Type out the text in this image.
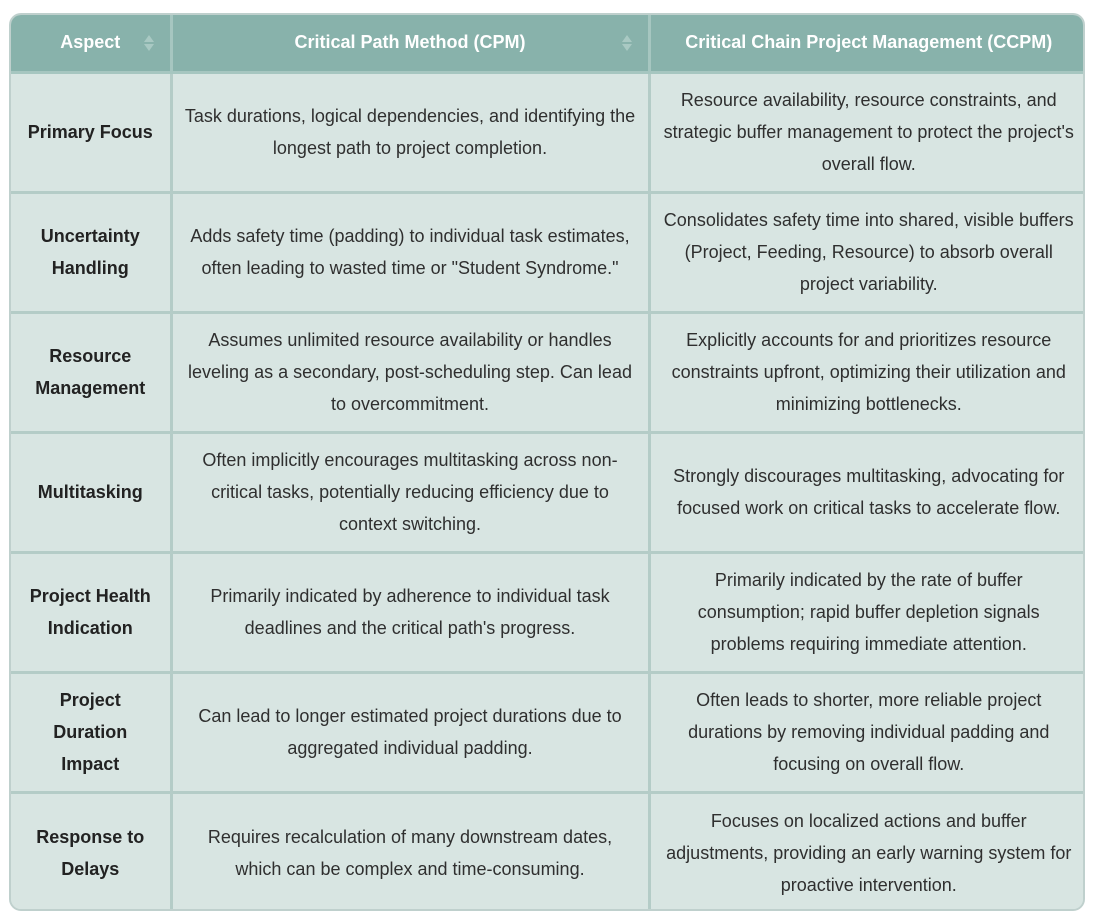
Aspect	Critical Path Method (CPM)	Critical Chain Project Management (CCPM)
Primary Focus	Task durations, logical dependencies, and identifying the longest path to project completion.	Resource availability, resource constraints, and strategic buffer management to protect the project's overall flow.
Uncertainty Handling	Adds safety time (padding) to individual task estimates, often leading to wasted time or "Student Syndrome."	Consolidates safety time into shared, visible buffers (Project, Feeding, Resource) to absorb overall project variability.
Resource Management	Assumes unlimited resource availability or handles leveling as a secondary, post-scheduling step. Can lead to overcommitment.	Explicitly accounts for and prioritizes resource constraints upfront, optimizing their utilization and minimizing bottlenecks.
Multitasking	Often implicitly encourages multitasking across non-critical tasks, potentially reducing efficiency due to context switching.	Strongly discourages multitasking, advocating for focused work on critical tasks to accelerate flow.
Project Health Indication	Primarily indicated by adherence to individual task deadlines and the critical path's progress.	Primarily indicated by the rate of buffer consumption; rapid buffer depletion signals problems requiring immediate attention.
Project Duration Impact	Can lead to longer estimated project durations due to aggregated individual padding.	Often leads to shorter, more reliable project durations by removing individual padding and focusing on overall flow.
Response to Delays	Requires recalculation of many downstream dates, which can be complex and time-consuming.	Focuses on localized actions and buffer adjustments, providing an early warning system for proactive intervention.
